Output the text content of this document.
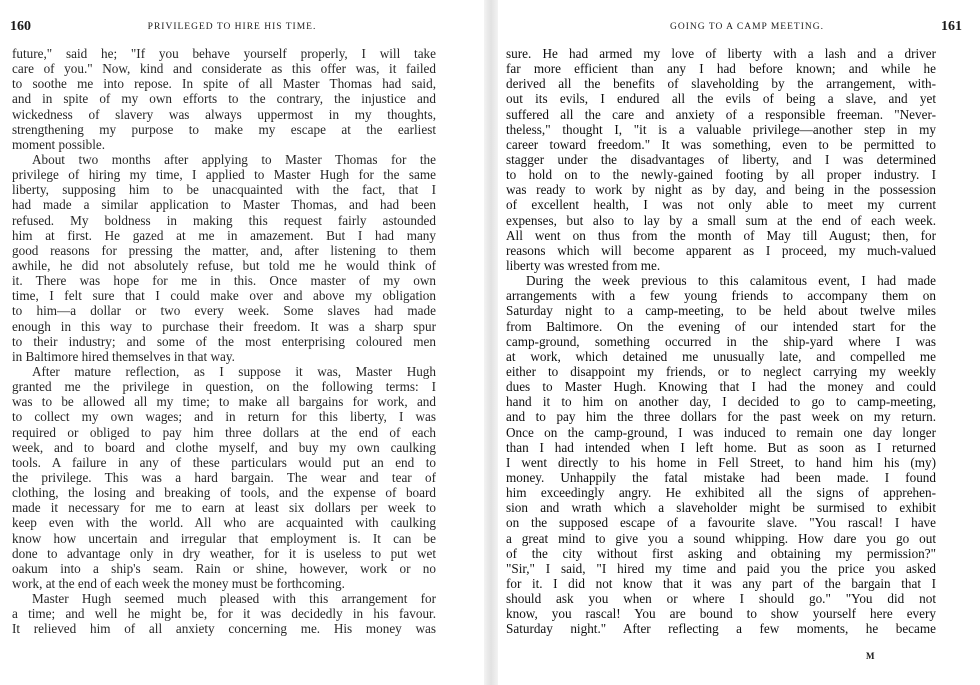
160	PRIVILEGED TO HIRE HIS TIME.
future," said he; "If you behave yourself properly, I will take
care of you." Now, kind and considerate as this offer was, it failed
to soothe me into repose. In spite of all Master Thomas had said,
and in spite of my own efforts to the contrary, the injustice and
wickedness of slavery was always uppermost in my thoughts,
strengthening my purpose to make my escape at the earliest
moment possible.
About two months after applying to Master Thomas for the
privilege of hiring my time, I applied to Master Hugh for the same
liberty, supposing him to be unacquainted with the fact, that I
had made a similar application to Master Thomas, and had been
refused. My boldness in making this request fairly astounded
him at first. He gazed at me in amazement. But I had many
good reasons for pressing the matter, and, after listening to them
awhile, he did not absolutely refuse, but told me he would think of
it. There was hope for me in this. Once master of my own
time, I felt sure that I could make over and above my obligation
to him—a dollar or two every week. Some slaves had made
enough in this way to purchase their freedom. It was a sharp spur
to their industry; and some of the most enterprising coloured men
in Baltimore hired themselves in that way.
After mature reflection, as I suppose it was, Master Hugh
granted me the privilege in question, on the following terms: I
was to be allowed all my time; to make all bargains for work, and
to collect my own wages; and in return for this liberty, I was
required or obliged to pay him three dollars at the end of each
week, and to board and clothe myself, and buy my own caulking
tools. A failure in any of these particulars would put an end to
the privilege. This was a hard bargain. The wear and tear of
clothing, the losing and breaking of tools, and the expense of board
made it necessary for me to earn at least six dollars per week to
keep even with the world. All who are acquainted with caulking
know how uncertain and irregular that employment is. It can be
done to advantage only in dry weather, for it is useless to put wet
oakum into a ship's seam. Rain or shine, however, work or no
work, at the end of each week the money must be forthcoming.
Master Hugh seemed much pleased with this arrangement for
a time; and well he might be, for it was decidedly in his favour.
It relieved him of all anxiety concerning me. His money was
GOING TO A CAMP MEETING.	161
sure. He had armed my love of liberty with a lash and a driver
far more efficient than any I had before known; and while he
derived all the benefits of slaveholding by the arrangement, with-
out its evils, I endured all the evils of being a slave, and yet
suffered all the care and anxiety of a responsible freeman. "Never-
theless," thought I, "it is a valuable privilege—another step in my
career toward freedom." It was something, even to be permitted to
stagger under the disadvantages of liberty, and I was determined
to hold on to the newly-gained footing by all proper industry. I
was ready to work by night as by day, and being in the possession
of excellent health, I was not only able to meet my current
expenses, but also to lay by a small sum at the end of each week.
All went on thus from the month of May till August; then, for
reasons which will become apparent as I proceed, my much-valued
liberty was wrested from me.
During the week previous to this calamitous event, I had made
arrangements with a few young friends to accompany them on
Saturday night to a camp-meeting, to be held about twelve miles
from Baltimore. On the evening of our intended start for the
camp-ground, something occurred in the ship-yard where I was
at work, which detained me unusually late, and compelled me
either to disappoint my friends, or to neglect carrying my weekly
dues to Master Hugh. Knowing that I had the money and could
hand it to him on another day, I decided to go to camp-meeting,
and to pay him the three dollars for the past week on my return.
Once on the camp-ground, I was induced to remain one day longer
than I had intended when I left home. But as soon as I returned
I went directly to his home in Fell Street, to hand him his (my)
money. Unhappily the fatal mistake had been made. I found
him exceedingly angry. He exhibited all the signs of apprehen-
sion and wrath which a slaveholder might be surmised to exhibit
on the supposed escape of a favourite slave. "You rascal! I have
a great mind to give you a sound whipping. How dare you go out
of the city without first asking and obtaining my permission?"
"Sir," I said, "I hired my time and paid you the price you asked
for it. I did not know that it was any part of the bargain that I
should ask you when or where I should go." "You did not
know, you rascal! You are bound to show yourself here every
Saturday night." After reflecting a few moments, he became
M
